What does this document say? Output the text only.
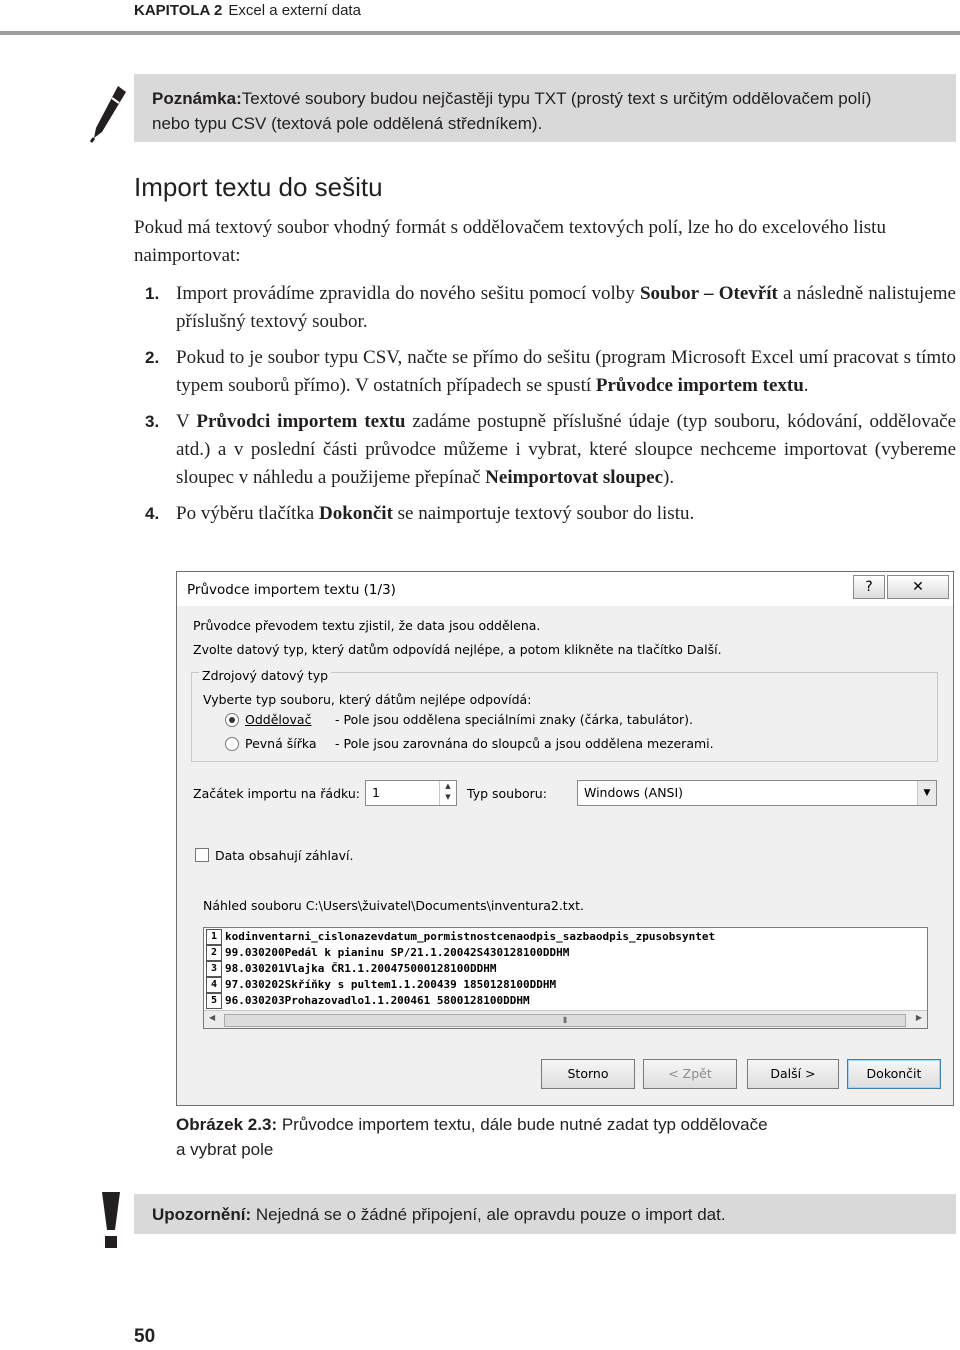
KAPITOLA 2 Excel a externí data
Poznámka:Textové soubory budou nejčastěji typu TXT (prostý text s určitým oddělovačem polí)
nebo typu CSV (textová pole oddělená středníkem).
Import textu do sešitu
Pokud má textový soubor vhodný formát s oddělovačem textových polí, lze ho do excelového listu naimportovat:
1. Import provádíme zpravidla do nového sešitu pomocí volby Soubor – Otevřít a následně nalistujeme příslušný textový soubor.
2. Pokud to je soubor typu CSV, načte se přímo do sešitu (program Microsoft Excel umí pracovat s tímto typem souborů přímo). V ostatních případech se spustí Průvodce importem textu.
3. V Průvodci importem textu zadáme postupně příslušné údaje (typ souboru, kódování, oddělovače atd.) a v poslední části průvodce můžeme i vybrat, které sloupce nechceme importovat (vybereme sloupec v náhledu a použijeme přepínač Neimportovat sloupec).
4. Po výběru tlačítka Dokončit se naimportuje textový soubor do listu.
Průvodce importem textu (1/3)	?	✕
Průvodce převodem textu zjistil, že data jsou oddělena.
Zvolte datový typ, který datům odpovídá nejlépe, a potom klikněte na tlačítko Další.
Zdrojový datový typ
Vyberte typ souboru, který dátům nejlépe odpovídá:
Oddělovač - Pole jsou oddělena speciálními znaky (čárka, tabulátor).
Pevná šířka - Pole jsou zarovnána do sloupců a jsou oddělena mezerami.
Začátek importu na řádku: 1	▲
▼	Typ souboru:	Windows (ANSI)	▼
Data obsahují záhlaví.
Náhled souboru C:\Users\žuivatel\Documents\inventura2.txt.
1 kodinventarni_cislonazevdatum_pormistnostcenaodpis_sazbaodpis_zpusobsyntet
2 99.030200Pedál k pianinu SP/21.1.20042S430128100DDHM
3 98.030201Vlajka ČR1.1.200475000128100DDHM
4 97.030202Skříňky s pultem1.1.200439 1850128100DDHM
5 96.030203Prohazovadlo1.1.200461 5800128100DDHM
◀	⦀	▶
Storno	< Zpět	Další >	Dokončit
Obrázek 2.3: Průvodce importem textu, dále bude nutné zadat typ oddělovače
a vybrat pole
Upozornění: Nejedná se o žádné připojení, ale opravdu pouze o import dat.
50
